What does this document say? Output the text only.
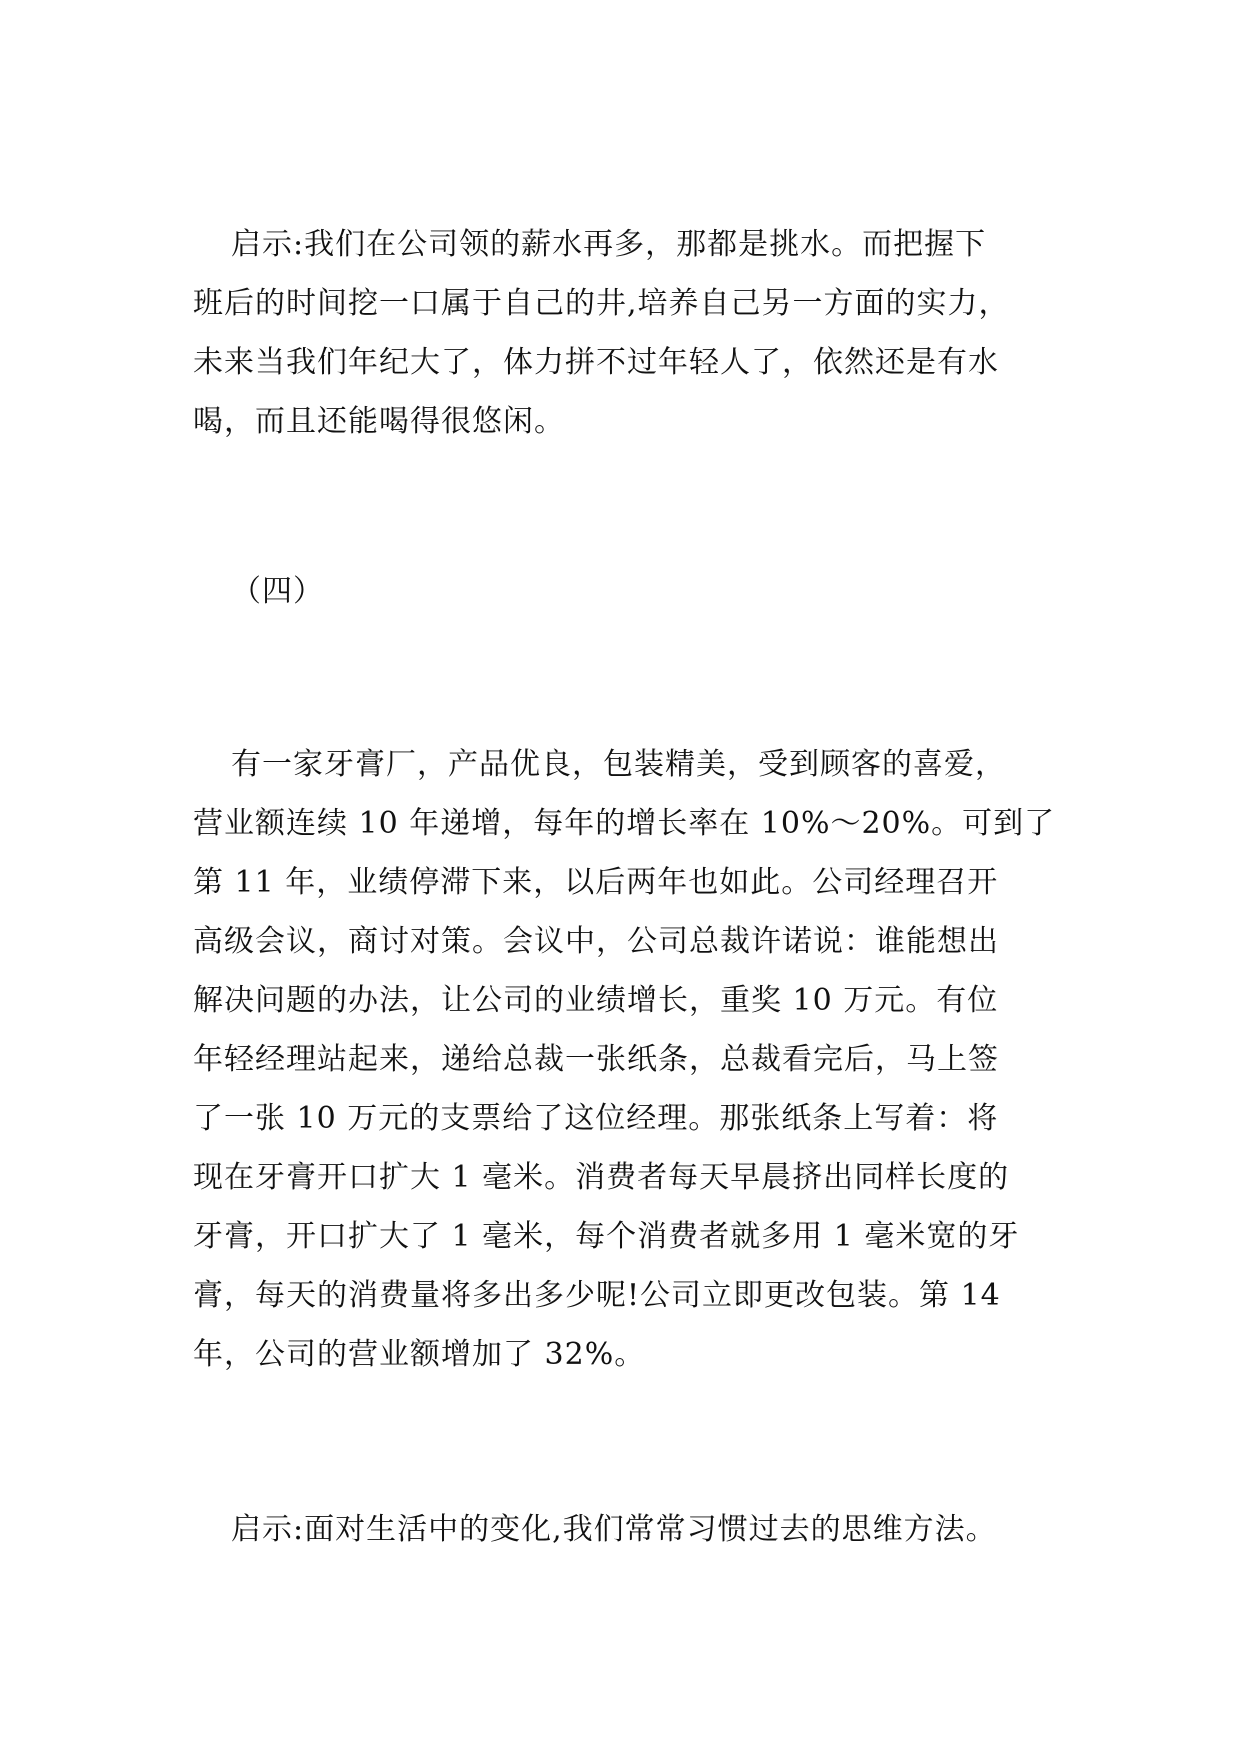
启示:我们在公司领的薪水再多，那都是挑水。而把握下
班后的时间挖一口属于自己的井,培养自己另一方面的实力，
未来当我们年纪大了，体力拼不过年轻人了，依然还是有水
喝，而且还能喝得很悠闲。
（四）
有一家牙膏厂，产品优良，包装精美，受到顾客的喜爱，
营业额连续 10 年递增，每年的增长率在 10%～20%。可到了
第 11 年，业绩停滞下来，以后两年也如此。公司经理召开
高级会议，商讨对策。会议中，公司总裁许诺说：谁能想出
解决问题的办法，让公司的业绩增长，重奖 10 万元。有位
年轻经理站起来，递给总裁一张纸条，总裁看完后，马上签
了一张 10 万元的支票给了这位经理。那张纸条上写着：将
现在牙膏开口扩大 1 毫米。消费者每天早晨挤出同样长度的
牙膏，开口扩大了 1 毫米，每个消费者就多用 1 毫米宽的牙
膏，每天的消费量将多出多少呢!公司立即更改包装。第 14
年，公司的营业额增加了 32%。
启示:面对生活中的变化,我们常常习惯过去的思维方法。
